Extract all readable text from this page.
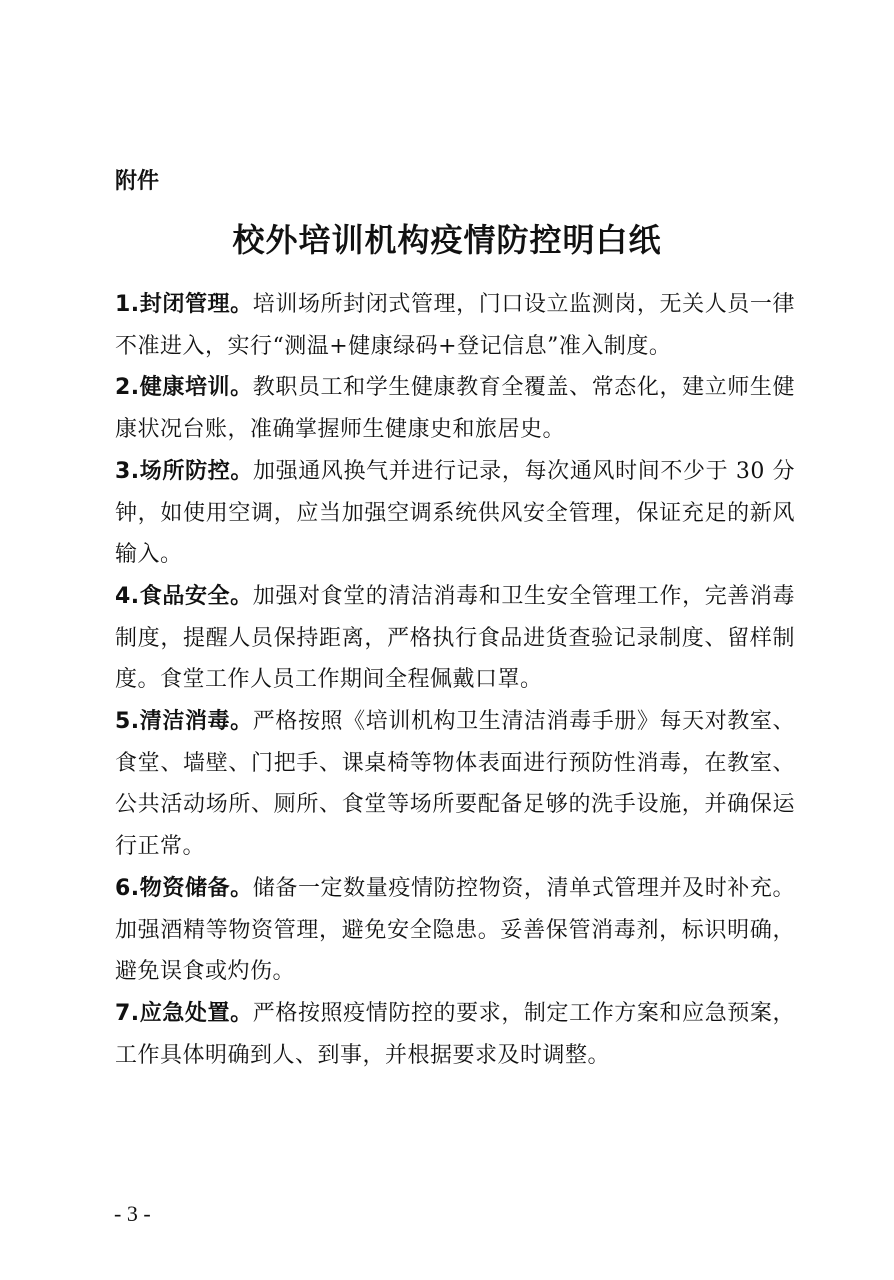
附件

校外培训机构疫情防控明白纸

1.封闭管理。培训场所封闭式管理，门口设立监测岗，无关人员一律不准进入，实行“测温+健康绿码+登记信息”准入制度。

2.健康培训。教职员工和学生健康教育全覆盖、常态化，建立师生健康状况台账，准确掌握师生健康史和旅居史。

3.场所防控。加强通风换气并进行记录，每次通风时间不少于 30 分钟，如使用空调，应当加强空调系统供风安全管理，保证充足的新风输入。

4.食品安全。加强对食堂的清洁消毒和卫生安全管理工作，完善消毒制度，提醒人员保持距离，严格执行食品进货查验记录制度、留样制度。食堂工作人员工作期间全程佩戴口罩。

5.清洁消毒。严格按照《培训机构卫生清洁消毒手册》每天对教室、食堂、墙壁、门把手、课桌椅等物体表面进行预防性消毒，在教室、公共活动场所、厕所、食堂等场所要配备足够的洗手设施，并确保运行正常。

6.物资储备。储备一定数量疫情防控物资，清单式管理并及时补充。加强酒精等物资管理，避免安全隐患。妥善保管消毒剂，标识明确，避免误食或灼伤。

7.应急处置。严格按照疫情防控的要求，制定工作方案和应急预案，工作具体明确到人、到事，并根据要求及时调整。

- 3 -
